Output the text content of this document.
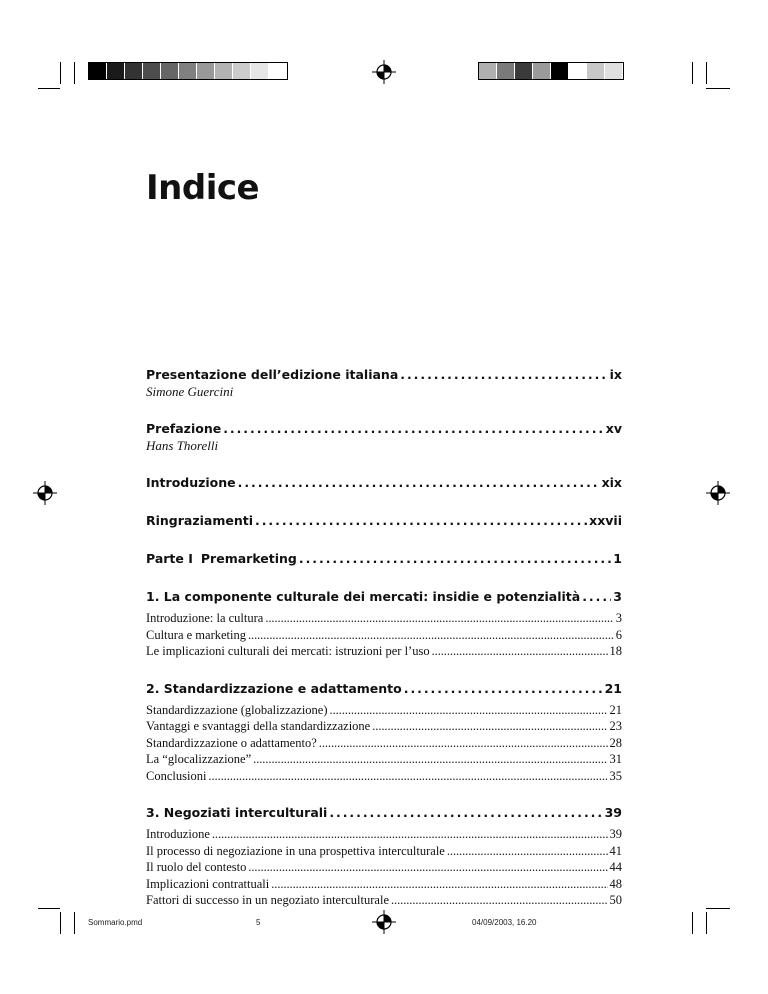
Indice
Presentazione dell’edizione italiana . . .	ix
Simone Guercini
Prefazione . . .	xv
Hans Thorelli
Introduzione . . .	xix
Ringraziamenti . . .	xxvii
Parte I Premarketing . . .	1
1. La componente culturale dei mercati: insidie e potenzialità . . .	3
Introduzione: la cultura . . .	3
Cultura e marketing . . .	6
Le implicazioni culturali dei mercati: istruzioni per l’uso . . .	18
2. Standardizzazione e adattamento . . .	21
Standardizzazione (globalizzazione) . . .	21
Vantaggi e svantaggi della standardizzazione . . .	23
Standardizzazione o adattamento? . . .	28
La “glocalizzazione” . . .	31
Conclusioni . . .	35
3. Negoziati interculturali . . .	39
Introduzione . . .	39
Il processo di negoziazione in una prospettiva interculturale . . .	41
Il ruolo del contesto . . .	44
Implicazioni contrattuali . . .	48
Fattori di successo in un negoziato interculturale . . .	50
Sommario.pmd	5	04/09/2003, 16.20
